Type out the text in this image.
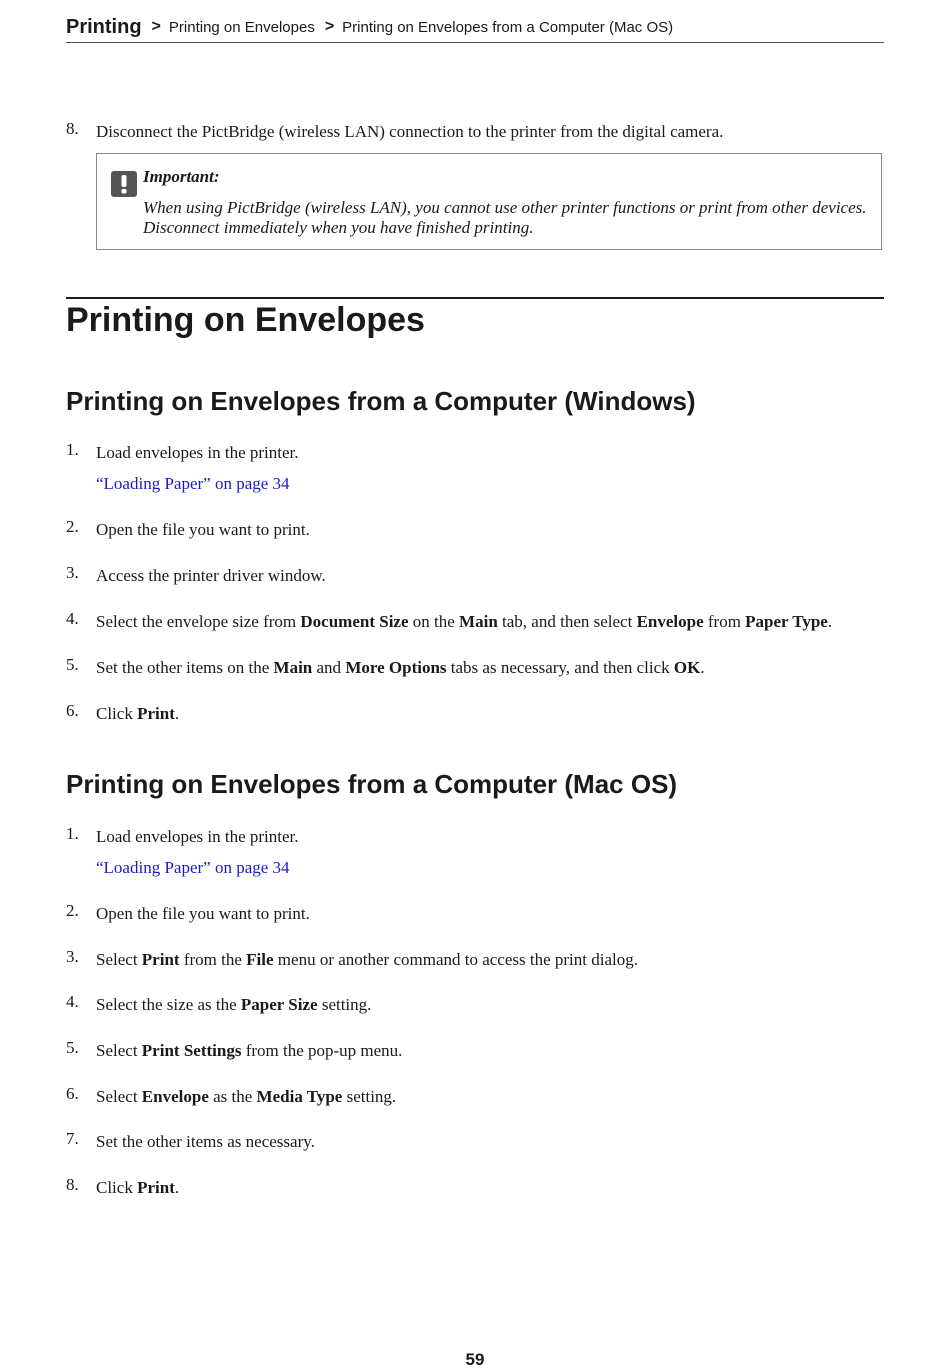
Printing > Printing on Envelopes > Printing on Envelopes from a Computer (Mac OS)
8.	Disconnect the PictBridge (wireless LAN) connection to the printer from the digital camera.
Important:
When using PictBridge (wireless LAN), you cannot use other printer functions or print from other devices.
Disconnect immediately when you have finished printing.
Printing on Envelopes
Printing on Envelopes from a Computer (Windows)
1.	Load envelopes in the printer.
“Loading Paper” on page 34
2.	Open the file you want to print.
3.	Access the printer driver window.
4.	Select the envelope size from Document Size on the Main tab, and then select Envelope from Paper Type.
5.	Set the other items on the Main and More Options tabs as necessary, and then click OK.
6.	Click Print.
Printing on Envelopes from a Computer (Mac OS)
1.	Load envelopes in the printer.
“Loading Paper” on page 34
2.	Open the file you want to print.
3.	Select Print from the File menu or another command to access the print dialog.
4.	Select the size as the Paper Size setting.
5.	Select Print Settings from the pop-up menu.
6.	Select Envelope as the Media Type setting.
7.	Set the other items as necessary.
8.	Click Print.
59
